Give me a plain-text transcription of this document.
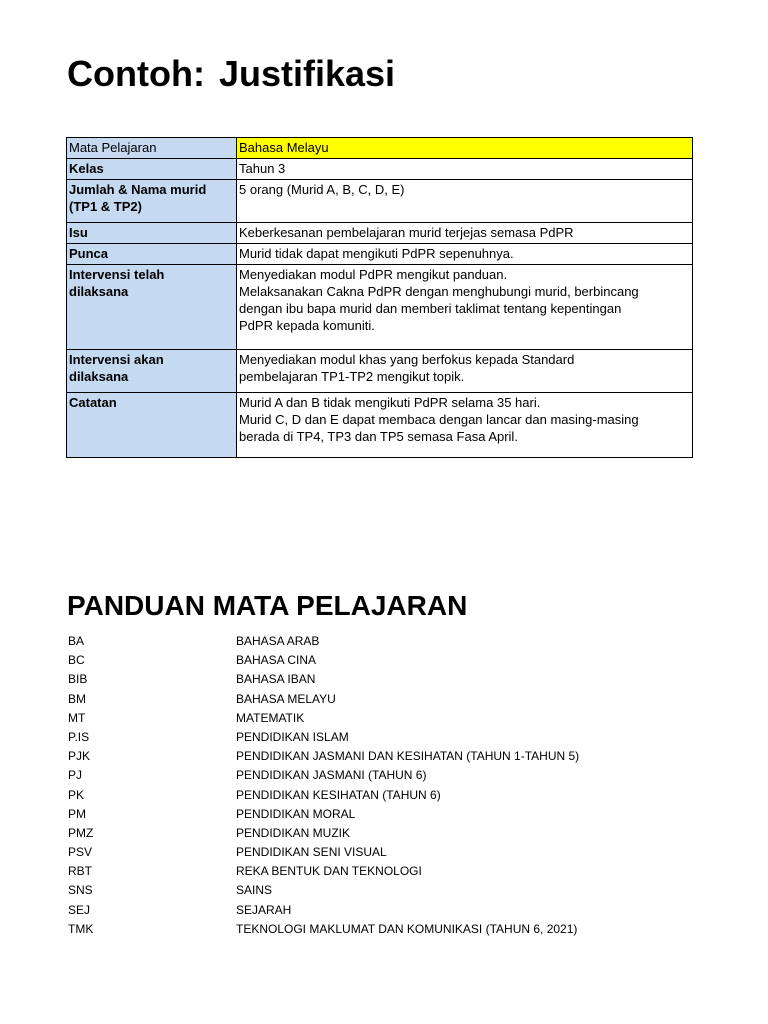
Contoh: Justifikasi
Mata Pelajaran	Bahasa Melayu

Kelas	Tahun 3

Jumlah & Nama murid
(TP1 & TP2)	5 orang (Murid A, B, C, D, E)

Isu	Keberkesanan pembelajaran murid terjejas semasa PdPR

Punca	Murid tidak dapat mengikuti PdPR sepenuhnya.

Intervensi telah
dilaksana	Menyediakan modul PdPR mengikut panduan.
Melaksanakan Cakna PdPR dengan menghubungi murid, berbincang
dengan ibu bapa murid dan memberi taklimat tentang kepentingan
PdPR kepada komuniti.

Intervensi akan
dilaksana	Menyediakan modul khas yang berfokus kepada Standard
pembelajaran TP1-TP2 mengikut topik.

Catatan	Murid A dan B tidak mengikuti PdPR selama 35 hari.
Murid C, D dan E dapat membaca dengan lancar dan masing-masing
berada di TP4, TP3 dan TP5 semasa Fasa April.
PANDUAN MATA PELAJARAN
BA	BAHASA ARAB
BC	BAHASA CINA
BIB	BAHASA IBAN
BM	BAHASA MELAYU
MT	MATEMATIK
P.IS	PENDIDIKAN ISLAM
PJK	PENDIDIKAN JASMANI DAN KESIHATAN (TAHUN 1-TAHUN 5)
PJ	PENDIDIKAN JASMANI (TAHUN 6)
PK	PENDIDIKAN KESIHATAN (TAHUN 6)
PM	PENDIDIKAN MORAL
PMZ	PENDIDIKAN MUZIK
PSV	PENDIDIKAN SENI VISUAL
RBT	REKA BENTUK DAN TEKNOLOGI
SNS	SAINS
SEJ	SEJARAH
TMK	TEKNOLOGI MAKLUMAT DAN KOMUNIKASI (TAHUN 6, 2021)
